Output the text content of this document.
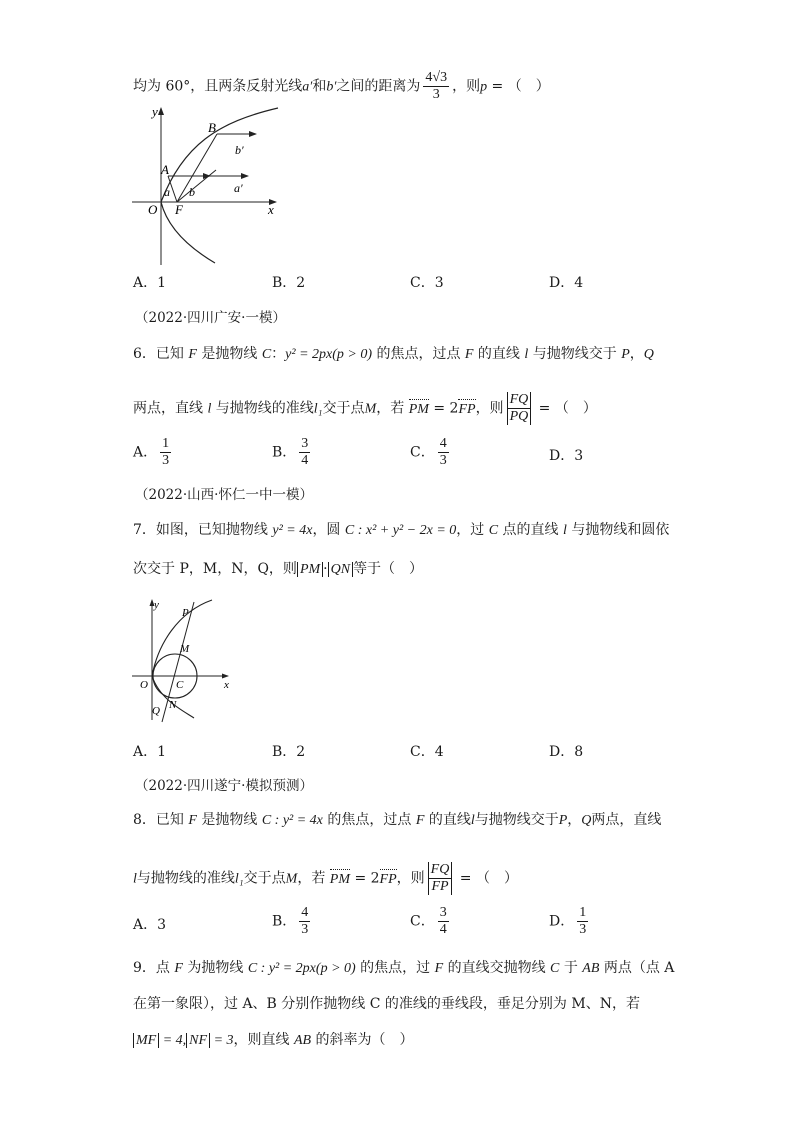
均为 60°，且两条反射光线a′和b′之间的距离为 $\frac{4√3}{3}$ ，则p = （　）
y
x
O F
A
B
a b	a′
b′
A．1	B．2	C．3	D．4
（2022·四川广安·一模）
6．已知 F 是抛物线 C：y² = 2px(p > 0) 的焦点，过点 F 的直线 l 与抛物线交于 P，Q
两点，直线 l 与抛物线的准线l₁交于点M，若 PM = 2FP，则 $\frac{FQ}{PQ}$ = （　）
A． $\frac{1}{3}$	B． $\frac{3}{4}$	C． $\frac{4}{3}$	D．3
（2022·山西·怀仁一中一模）
7．如图，已知抛物线 y² = 4x，圆 C : x² + y² − 2x = 0，过 C 点的直线 l 与抛物线和圆依
次交于 P，M，N，Q，则 PM · QN 等于（　）
y
x
O	C
P
M
N
Q
A．1	B．2	C．4	D．8
（2022·四川遂宁·模拟预测）
8．已知 F 是抛物线 C : y² = 4x 的焦点，过点 F 的直线l与抛物线交于P，Q两点，直线
l与抛物线的准线l₁交于点M，若 PM = 2FP，则 $\frac{FQ}{FP}$ = （　）
A．3	B． $\frac{4}{3}$	C． $\frac{3}{4}$	D． $\frac{1}{3}$
9．点 F 为抛物线 C : y² = 2px(p > 0) 的焦点，过 F 的直线交抛物线 C 于 AB 两点（点 A
在第一象限），过 A、B 分别作抛物线 C 的准线的垂线段，垂足分别为 M、N，若
MF = 4, NF = 3，则直线 AB 的斜率为（　）
